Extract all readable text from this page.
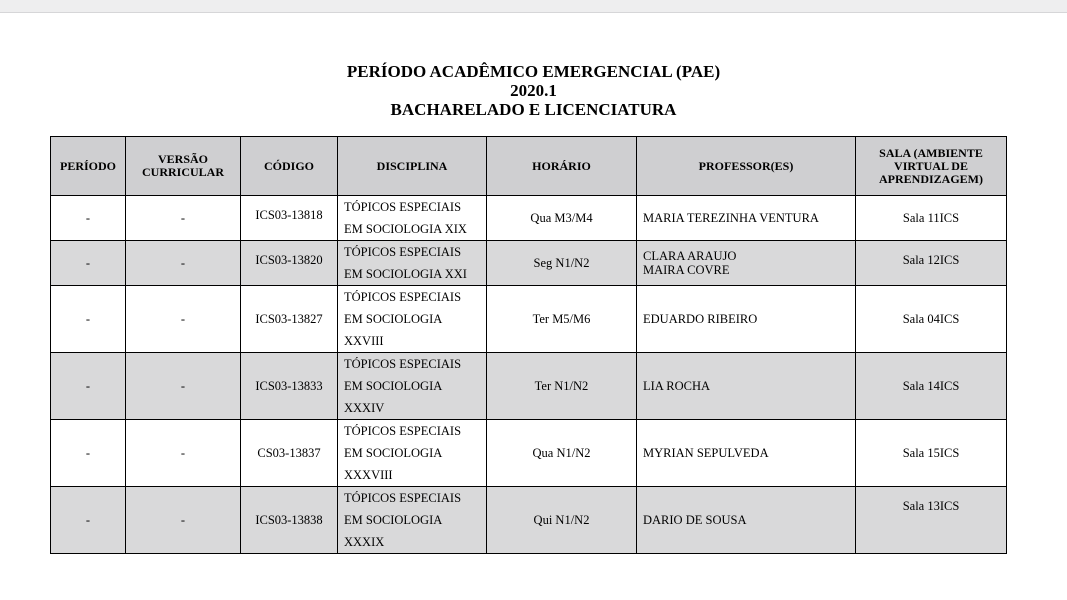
PERÍODO ACADÊMICO EMERGENCIAL (PAE)
2020.1
BACHARELADO E LICENCIATURA
PERÍODO	VERSÃO CURRICULAR	CÓDIGO	DISCIPLINA	HORÁRIO	PROFESSOR(ES)	SALA (AMBIENTE VIRTUAL DE APRENDIZAGEM)
-	-	ICS03-13818	TÓPICOS ESPECIAIS
EM SOCIOLOGIA XIX	Qua M3/M4	MARIA TEREZINHA VENTURA	Sala 11ICS
-	-	ICS03-13820	TÓPICOS ESPECIAIS
EM SOCIOLOGIA XXI	Seg N1/N2	CLARA ARAUJO
MAIRA COVRE	Sala 12ICS
-	-	ICS03-13827	TÓPICOS ESPECIAIS
EM SOCIOLOGIA
XXVIII	Ter M5/M6	EDUARDO RIBEIRO	Sala 04ICS
-	-	ICS03-13833	TÓPICOS ESPECIAIS
EM SOCIOLOGIA
XXXIV	Ter N1/N2	LIA ROCHA	Sala 14ICS
-	-	CS03-13837	TÓPICOS ESPECIAIS
EM SOCIOLOGIA
XXXVIII	Qua N1/N2	MYRIAN SEPULVEDA	Sala 15ICS
-	-	ICS03-13838	TÓPICOS ESPECIAIS
EM SOCIOLOGIA
XXXIX	Qui N1/N2	DARIO DE SOUSA	Sala 13ICS
